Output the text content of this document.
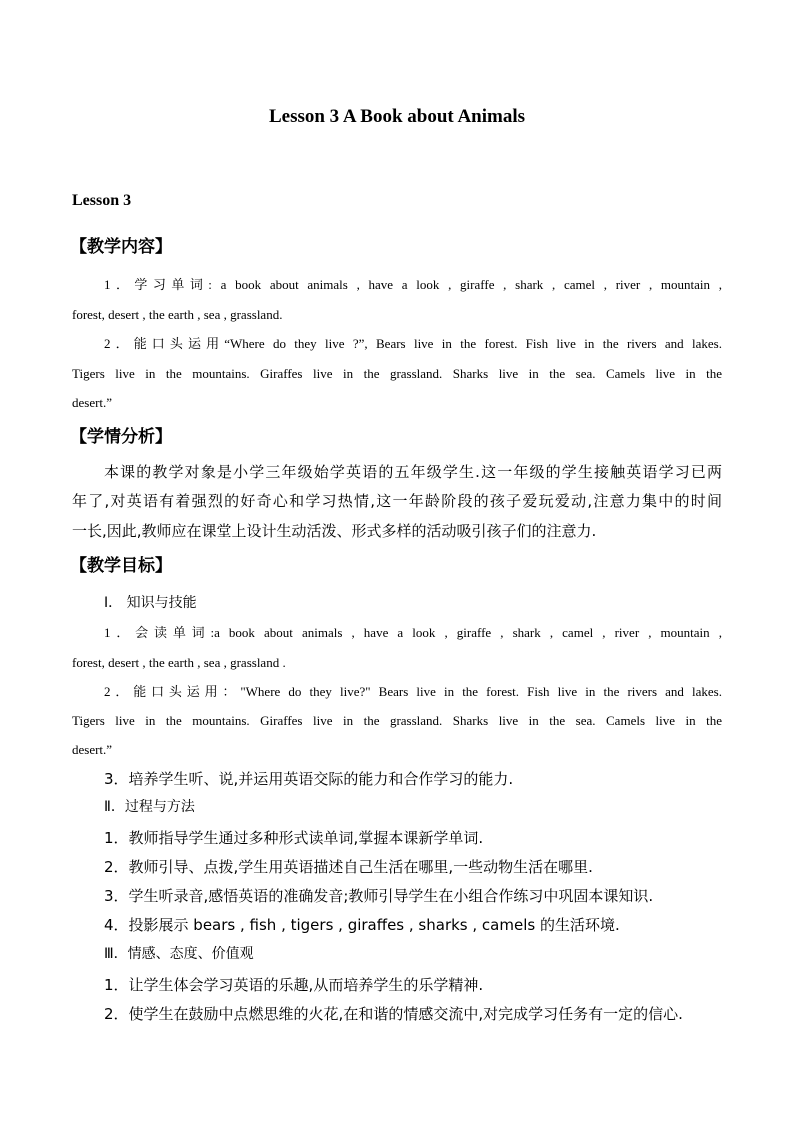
Lesson 3 A Book about Animals
Lesson 3
【教学内容】
1．学习单词: a book about animals , have a look , giraffe , shark , camel , river , mountain ,
forest, desert , the earth , sea , grassland.
2．能口头运用“Where do they live ?”, Bears live in the forest. Fish live in the rivers and lakes.
Tigers live in the mountains. Giraffes live in the grassland. Sharks live in the sea. Camels live in the
desert.”
【学情分析】
本课的教学对象是小学三年级始学英语的五年级学生.这一年级的学生接触英语学习已两
年了,对英语有着强烈的好奇心和学习热情,这一年龄阶段的孩子爱玩爱动,注意力集中的时间
一长,因此,教师应在课堂上设计生动活泼、形式多样的活动吸引孩子们的注意力.
【教学目标】
Ⅰ． 知识与技能
1．会读单词:a book about animals , have a look , giraffe , shark , camel , river , mountain ,
forest, desert , the earth , sea , grassland .
2．能口头运用："Where do they live?" Bears live in the forest. Fish live in the rivers and lakes.
Tigers live in the mountains. Giraffes live in the grassland. Sharks live in the sea. Camels live in the
desert.”
3．培养学生听、说,并运用英语交际的能力和合作学习的能力.
Ⅱ．过程与方法
1．教师指导学生通过多种形式读单词,掌握本课新学单词.
2．教师引导、点拨,学生用英语描述自己生活在哪里,一些动物生活在哪里.
3．学生听录音,感悟英语的准确发音;教师引导学生在小组合作练习中巩固本课知识.
4．投影展示 bears , fish , tigers , giraffes , sharks , camels 的生活环境.
Ⅲ．情感、态度、价值观
1．让学生体会学习英语的乐趣,从而培养学生的乐学精神.
2．使学生在鼓励中点燃思维的火花,在和谐的情感交流中,对完成学习任务有一定的信心.
